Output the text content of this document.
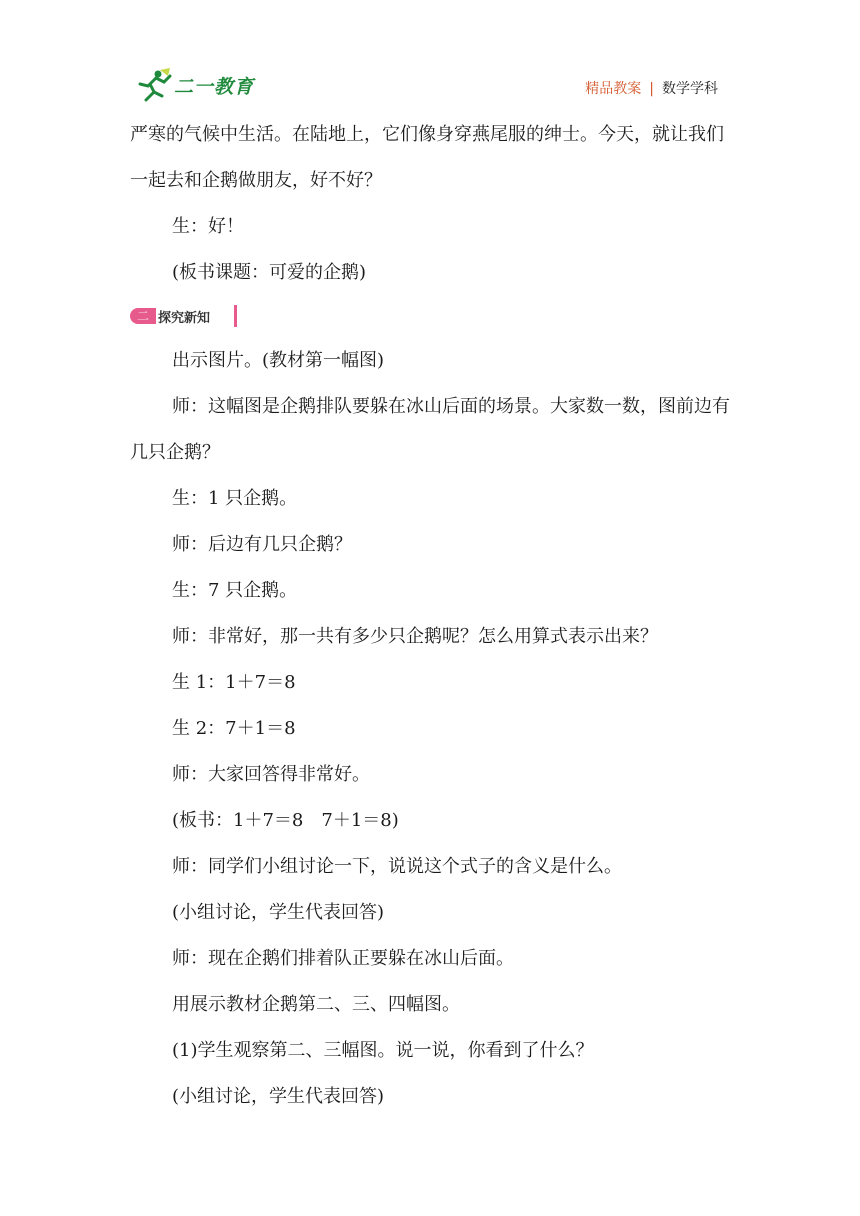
二一教育	精品教案 | 数学学科

严寒的气候中生活。在陆地上，它们像身穿燕尾服的绅士。今天，就让我们一起去和企鹅做朋友，好不好？

生：好！

(板书课题：可爱的企鹅)

二 探究新知

出示图片。(教材第一幅图)

师：这幅图是企鹅排队要躲在冰山后面的场景。大家数一数，图前边有几只企鹅？

生：1 只企鹅。

师：后边有几只企鹅？

生：7 只企鹅。

师：非常好，那一共有多少只企鹅呢？怎么用算式表示出来？

生 1：1＋7＝8

生 2：7＋1＝8

师：大家回答得非常好。

(板书：1＋7＝8　7＋1＝8)

师：同学们小组讨论一下，说说这个式子的含义是什么。

(小组讨论，学生代表回答)

师：现在企鹅们排着队正要躲在冰山后面。

用展示教材企鹅第二、三、四幅图。

(1)学生观察第二、三幅图。说一说，你看到了什么？

(小组讨论，学生代表回答)
